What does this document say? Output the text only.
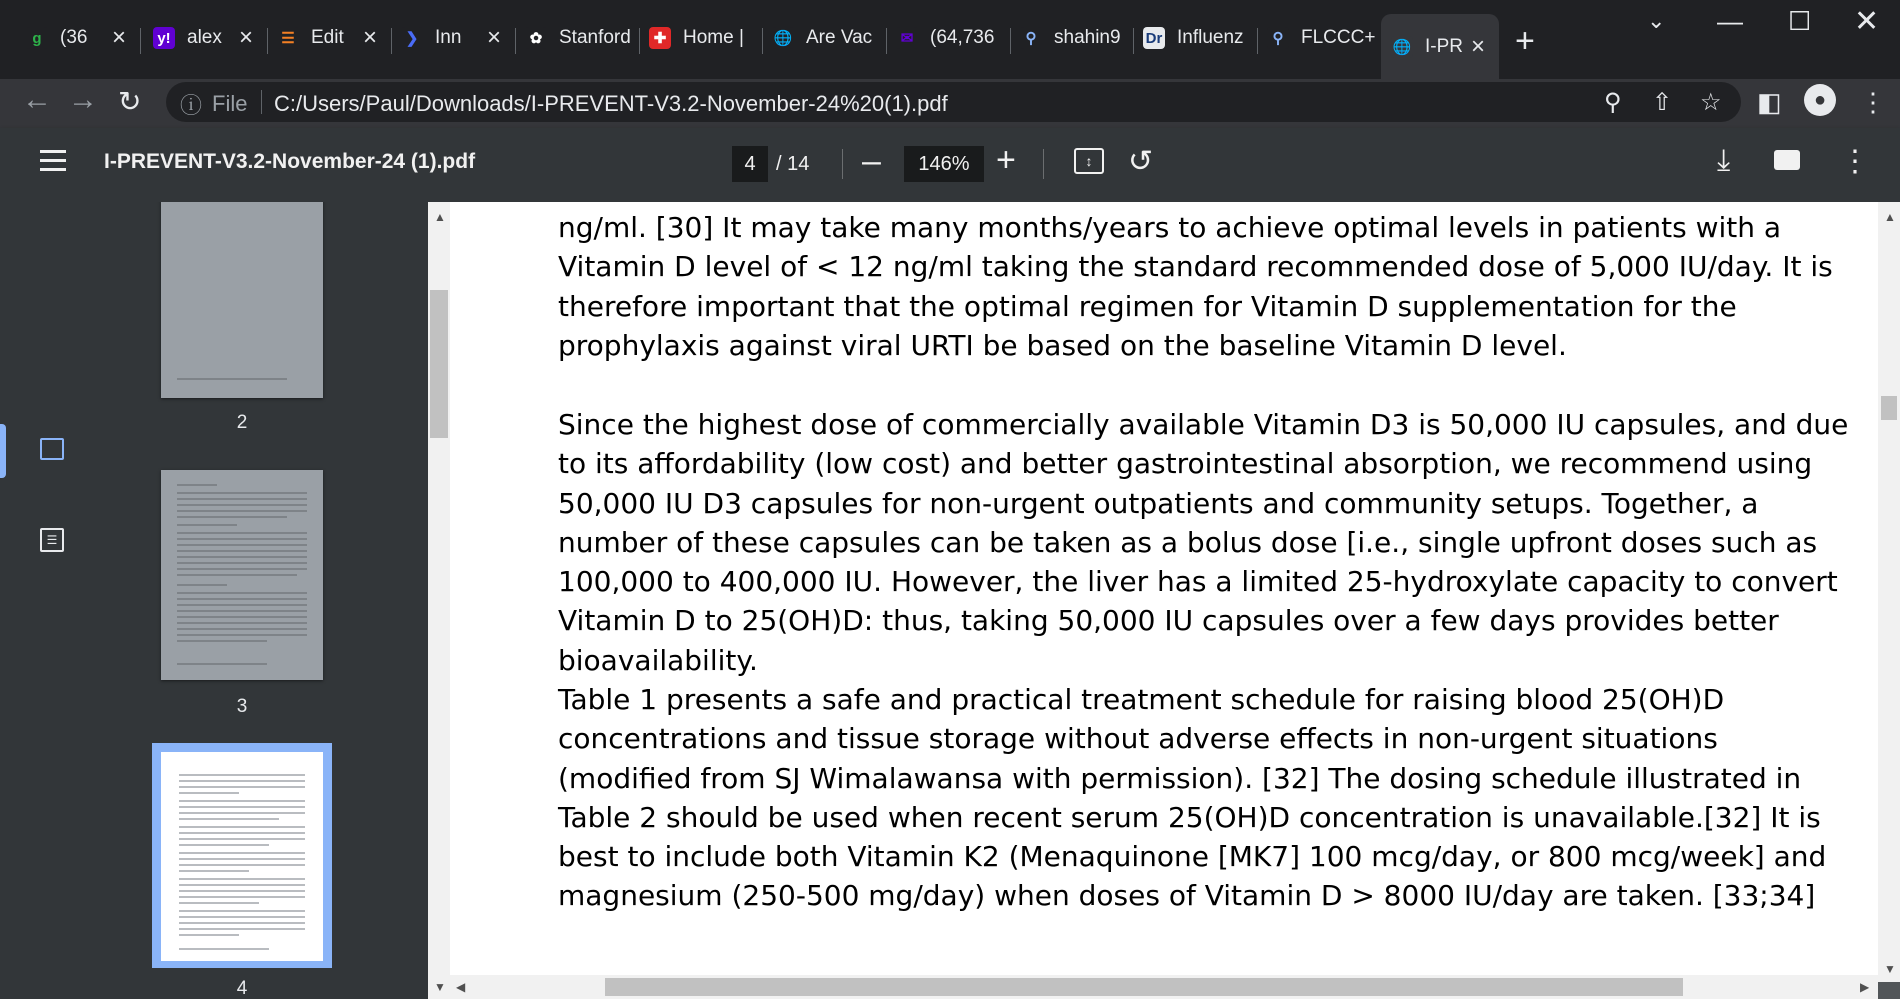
g (36 × y! alex × ☰ Edit ×	❯ Inn ×	✿ Stanford	✚ Home | 🌐 Are Vac	✉ (64,736	⚲ shahin9 Dr Influenz	⚲ FLCCC+ 🌐 I-PR × +
⌄ — ☐ ✕
← → ↻ ⓘ File C:/Users/Paul/Downloads/I-PREVENT-V3.2-November-24%20(1).pdf	⚲ ⇧ ☆ ◧	●	⋮
I-PREVENT-V3.2-November-24 (1).pdf	4	/ 14 –	146% +	↕	↺	⤓	⋮
☰
2
3
4
▲
▼

ng/ml. [30] It may take many months/years to achieve optimal levels in patients with a Vitamin D level of < 12 ng/ml taking the standard recommended dose of 5,000 IU/day. It is therefore important that the optimal regimen for Vitamin D supplementation for the prophylaxis against viral URTI be based on the baseline Vitamin D level.

Since the highest dose of commercially available Vitamin D3 is 50,000 IU capsules, and due to its affordability (low cost) and better gastrointestinal absorption, we recommend using 50,000 IU D3 capsules for non-urgent outpatients and community setups. Together, a number of these capsules can be taken as a bolus dose [i.e., single upfront doses such as 100,000 to 400,000 IU. However, the liver has a limited 25-hydroxylate capacity to convert Vitamin D to 25(OH)D: thus, taking 50,000 IU capsules over a few days provides better bioavailability.

Table 1 presents a safe and practical treatment schedule for raising blood 25(OH)D concentrations and tissue storage without adverse effects in non-urgent situations (modified from SJ Wimalawansa with permission). [32] The dosing schedule illustrated in Table 2 should be used when recent serum 25(OH)D concentration is unavailable.[32] It is best to include both Vitamin K2 (Menaquinone [MK7] 100 mcg/day, or 800 mcg/week] and magnesium (250-500 mg/day) when doses of Vitamin D > 8000 IU/day are taken. [33;34]

▲
▼
◀	▶
